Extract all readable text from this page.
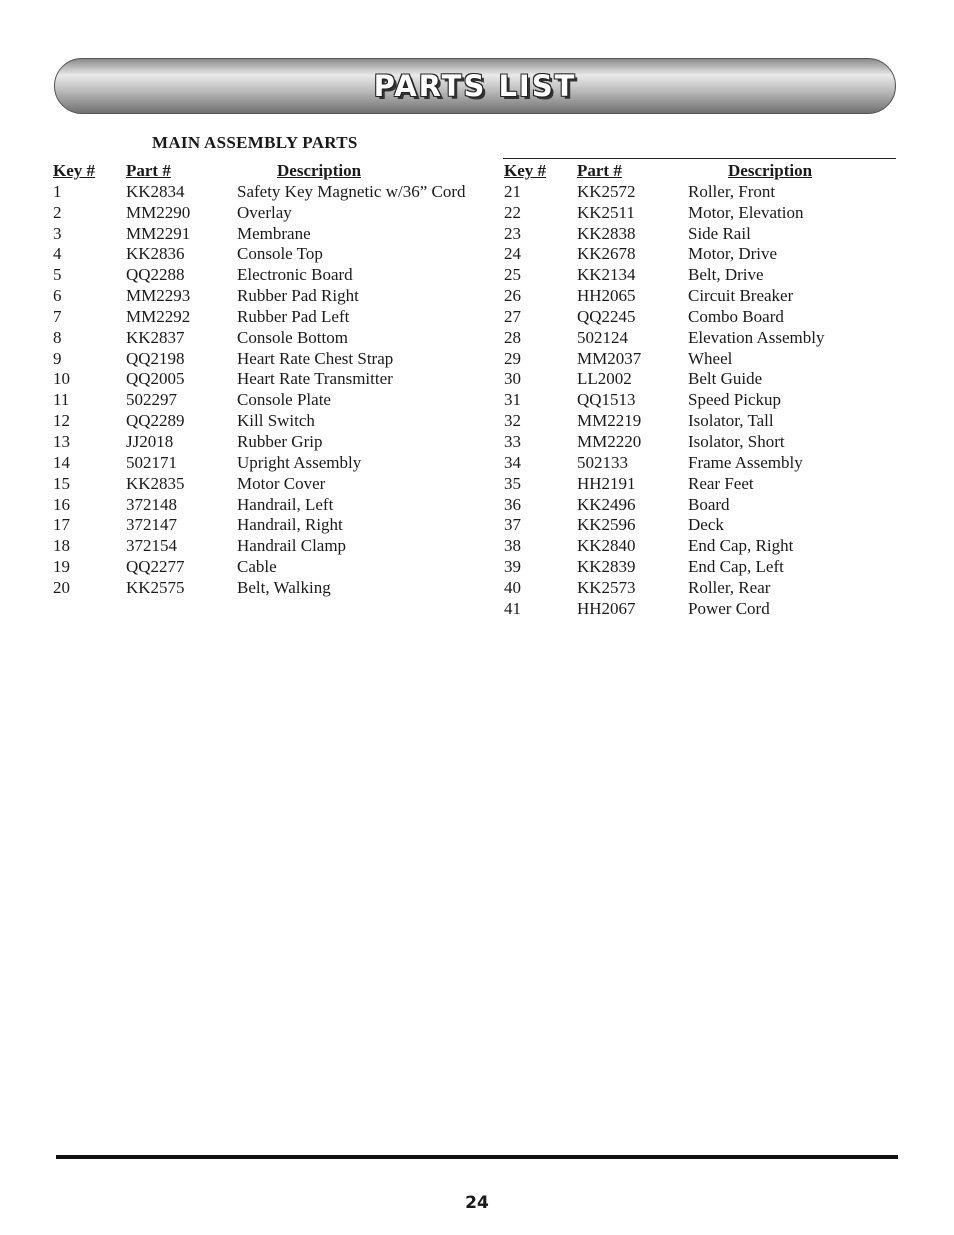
PARTS LIST
MAIN ASSEMBLY PARTS
Key # Part #	Description
1	KK2834	Safety Key Magnetic w/36” Cord
2	MM2290	Overlay
3	MM2291	Membrane
4	KK2836	Console Top
5	QQ2288	Electronic Board
6	MM2293	Rubber Pad Right
7	MM2292	Rubber Pad Left
8	KK2837	Console Bottom
9	QQ2198	Heart Rate Chest Strap
10	QQ2005	Heart Rate Transmitter
11	502297	Console Plate
12	QQ2289	Kill Switch
13	JJ2018	Rubber Grip
14	502171	Upright Assembly
15	KK2835	Motor Cover
16	372148	Handrail, Left
17	372147	Handrail, Right
18	372154	Handrail Clamp
19	QQ2277	Cable
20	KK2575	Belt, Walking
Key # Part #	Description
21	KK2572	Roller, Front
22	KK2511	Motor, Elevation
23	KK2838	Side Rail
24	KK2678	Motor, Drive
25	KK2134	Belt, Drive
26	HH2065	Circuit Breaker
27	QQ2245	Combo Board
28	502124	Elevation Assembly
29	MM2037	Wheel
30	LL2002	Belt Guide
31	QQ1513	Speed Pickup
32	MM2219	Isolator, Tall
33	MM2220	Isolator, Short
34	502133	Frame Assembly
35	HH2191	Rear Feet
36	KK2496	Board
37	KK2596	Deck
38	KK2840	End Cap, Right
39	KK2839	End Cap, Left
40	KK2573	Roller, Rear
41	HH2067	Power Cord
24
